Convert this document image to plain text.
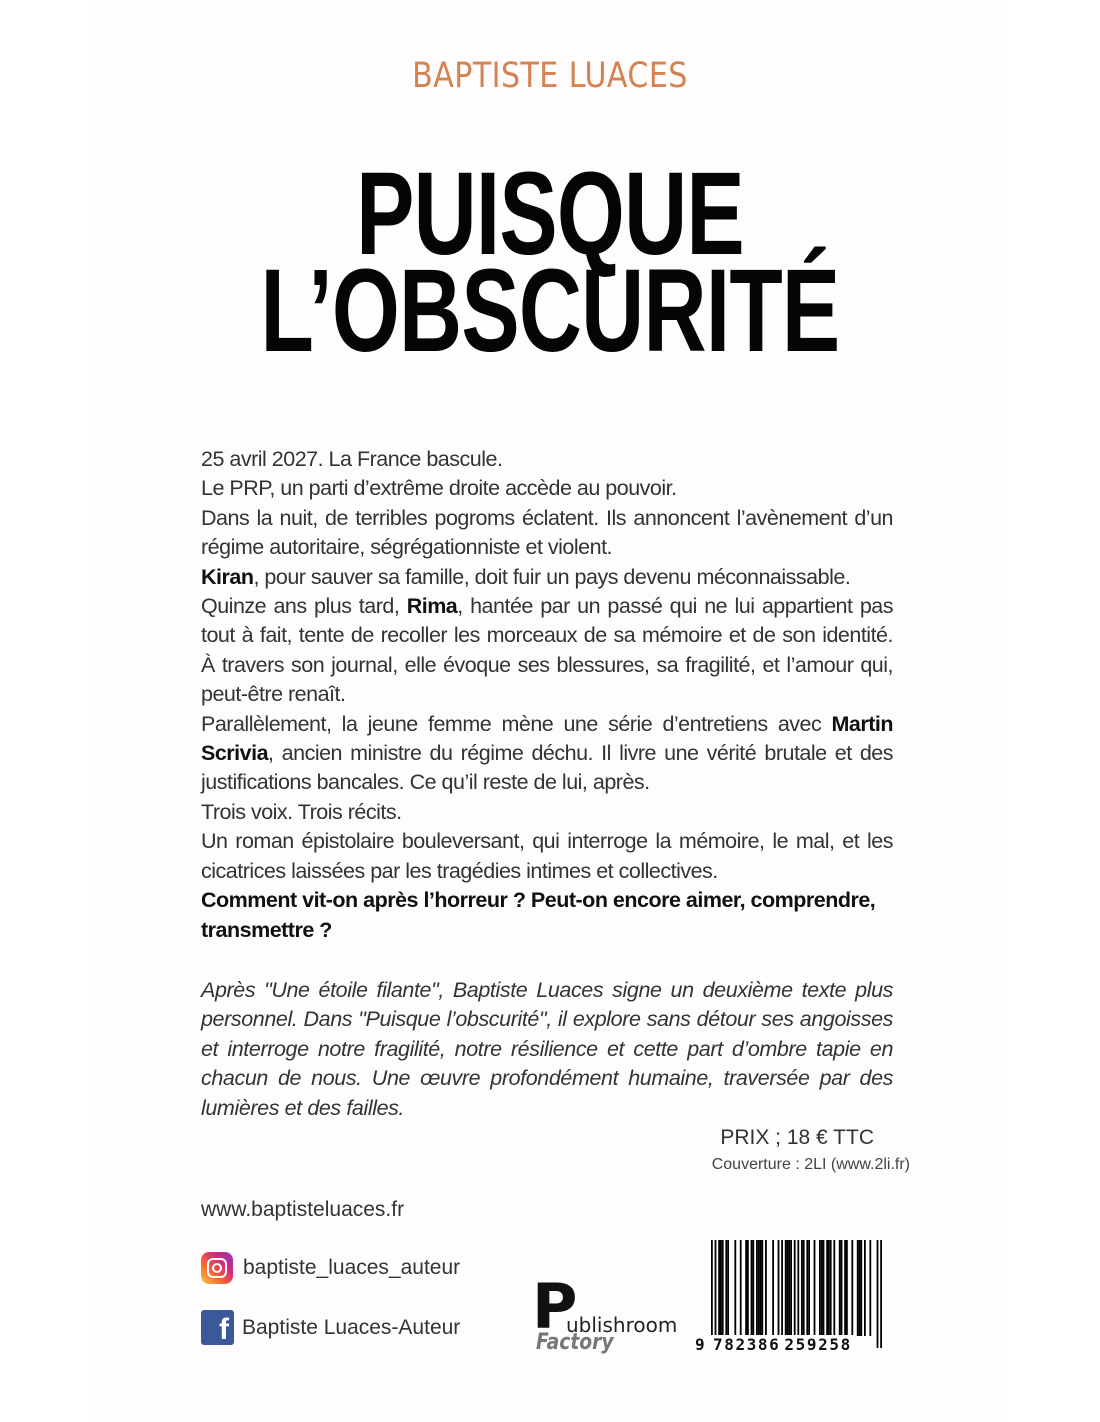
BAPTISTE LUACES
PUISQUE
L’OBSCURITÉ

25 avril 2027. La France bascule.

Le PRP, un parti d’extrême droite accède au pouvoir.

Dans la nuit, de terribles pogroms éclatent. Ils annoncent l’avènement d’un régime autoritaire, ségrégationniste et violent.

Kiran, pour sauver sa famille, doit fuir un pays devenu méconnaissable.

Quinze ans plus tard, Rima, hantée par un passé qui ne lui appartient pas tout à fait, tente de recoller les morceaux de sa mémoire et de son identité. À travers son journal, elle évoque ses blessures, sa fragilité, et l’amour qui, peut-être renaît.

Parallèlement, la jeune femme mène une série d’entretiens avec Martin Scrivia, ancien ministre du régime déchu. Il livre une vérité brutale et des justifications bancales. Ce qu’il reste de lui, après.

Trois voix. Trois récits.

Un roman épistolaire bouleversant, qui interroge la mémoire, le mal, et les cicatrices laissées par les tragédies intimes et collectives.

Comment vit-on après l’horreur ? Peut-on encore aimer, comprendre, transmettre ?

Après "Une étoile filante", Baptiste Luaces signe un deuxième texte plus personnel. Dans "Puisque l’obscurité", il explore sans détour ses angoisses et interroge notre fragilité, notre résilience et cette part d’ombre tapie en chacun de nous. Une œuvre profondément humaine, traversée par des lumières et des failles.
PRIX ; 18 € TTC
Couverture : 2LI (www.2li.fr)
www.baptisteluaces.fr
baptiste_luaces_auteur
f Baptiste Luaces-Auteur P
ublishroom
Factory	9 782386 259258
